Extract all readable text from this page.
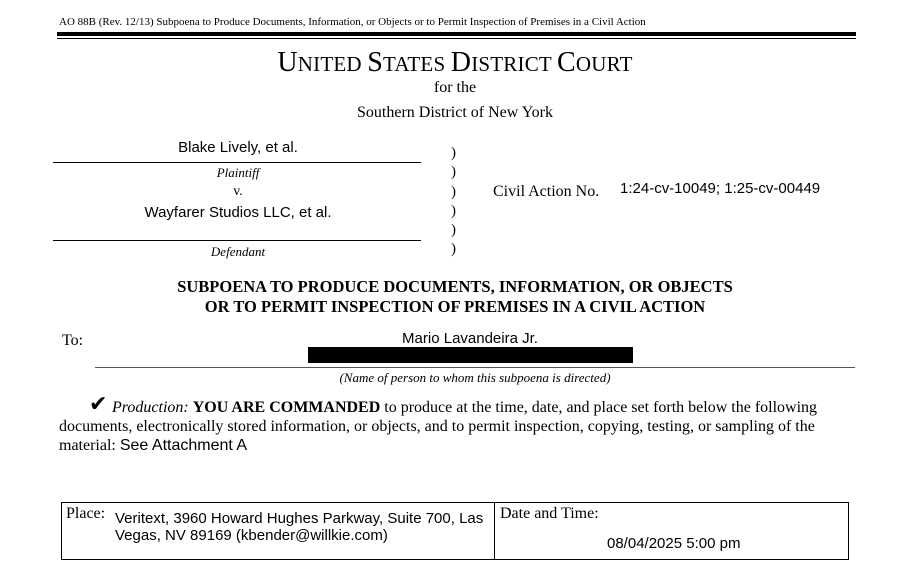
AO 88B (Rev. 12/13) Subpoena to Produce Documents, Information, or Objects or to Permit Inspection of Premises in a Civil Action
UNITED STATES DISTRICT COURT
for the
Southern District of New York
Blake Lively, et al.
Plaintiff
v.
Wayfarer Studios LLC, et al.
Defendant
)
)
)
)
)
)
Civil Action No. 1:24-cv-10049; 1:25-cv-00449
SUBPOENA TO PRODUCE DOCUMENTS, INFORMATION, OR OBJECTS
OR TO PERMIT INSPECTION OF PREMISES IN A CIVIL ACTION
To:	Mario Lavandeira Jr.
(Name of person to whom this subpoena is directed)
✔ Production: YOU ARE COMMANDED to produce at the time, date, and place set forth below the following documents, electronically stored information, or objects, and to permit inspection, copying, testing, or sampling of the material: See Attachment A
Place: Veritext, 3960 Howard Hughes Parkway, Suite 700, Las Vegas, NV 89169 (kbender@willkie.com)
Date and Time:
08/04/2025 5:00 pm
